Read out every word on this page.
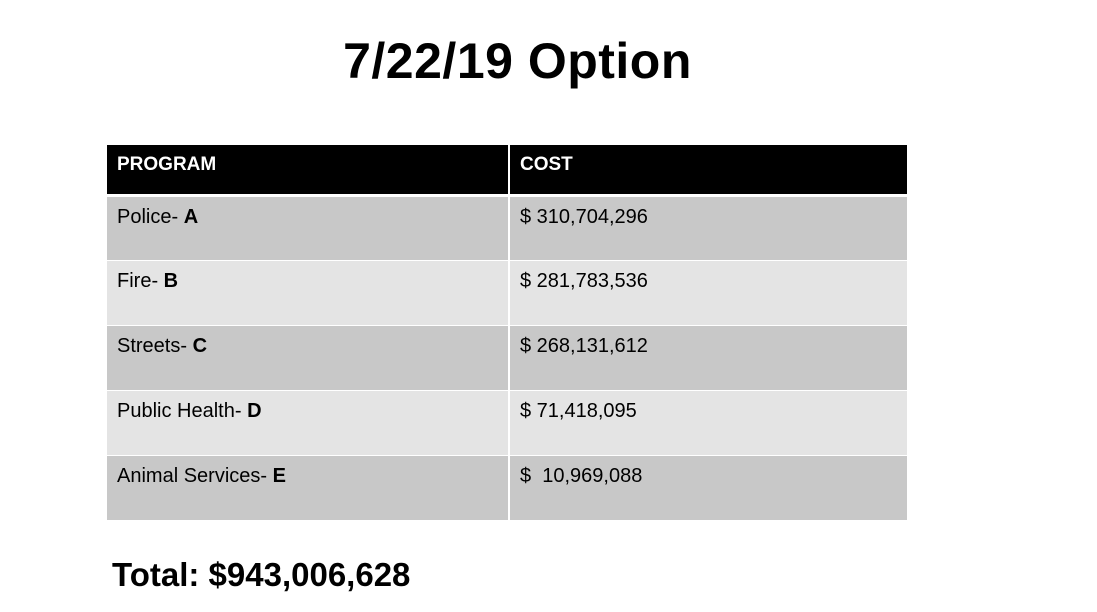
7/22/19 Option
PROGRAM	COST
Police- A	$ 310,704,296
Fire- B	$ 281,783,536
Streets- C	$ 268,131,612
Public Health- D	$ 71,418,095
Animal Services- E	$  10,969,088
Total: $943,006,628
